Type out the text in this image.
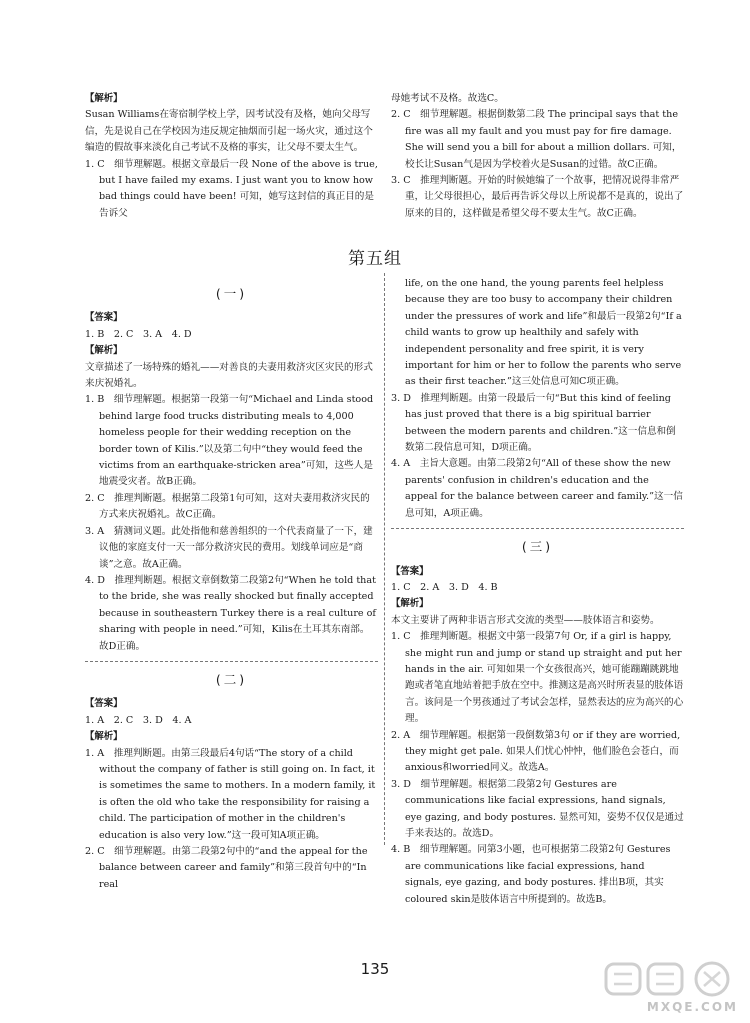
【解析】

Susan Williams在寄宿制学校上学，因考试没有及格，她向父母写信，先是说自己在学校因为违反规定抽烟而引起一场火灾，通过这个编造的假故事来淡化自己考试不及格的事实，让父母不要太生气。

1. C　细节理解题。根据文章最后一段 None of the above is true, but I have failed my exams. I just want you to know how bad things could have been! 可知，她写这封信的真正目的是告诉父

母她考试不及格。故选C。

2. C　细节理解题。根据倒数第二段 The principal says that the fire was all my fault and you must pay for fire damage. She will send you a bill for about a million dollars. 可知，校长让Susan气是因为学校着火是Susan的过错。故C正确。

3. C　推理判断题。开始的时候她编了一个故事，把情况说得非常严重，让父母很担心，最后再告诉父母以上所说都不是真的，说出了原来的目的，这样做是希望父母不要太生气。故C正确。

第五组
(一)

【答案】

1. B　2. C　3. A　4. D

【解析】

文章描述了一场特殊的婚礼——对善良的夫妻用救济灾区灾民的形式来庆祝婚礼。

1. B　细节理解题。根据第一段第一句“Michael and Linda stood behind large food trucks distributing meals to 4,000 homeless people for their wedding reception on the border town of Kilis.”以及第二句中“they would feed the victims from an earthquake-stricken area”可知，这些人是地震受灾者。故B正确。

2. C　推理判断题。根据第二段第1句可知，这对夫妻用救济灾民的方式来庆祝婚礼。故C正确。

3. A　猜测词义题。此处指他和慈善组织的一个代表商量了一下，建议他的家庭支付一天一部分救济灾民的费用。划线单词应是“商谈”之意。故A正确。

4. D　推理判断题。根据文章倒数第二段第2句“When he told that to the bride, she was really shocked but finally accepted because in southeastern Turkey there is a real culture of sharing with people in need.”可知，Kilis在土耳其东南部。故D正确。

(二)

【答案】

1. A　2. C　3. D　4. A

【解析】

1. A　推理判断题。由第三段最后4句话“The story of a child without the company of father is still going on. In fact, it is sometimes the same to mothers. In a modern family, it is often the old who take the responsibility for raising a child. The participation of mother in the children's education is also very low.”这一段可知A项正确。

2. C　细节理解题。由第二段第2句中的“and the appeal for the balance between career and family”和第三段首句中的“In real

life, on the one hand, the young parents feel helpless because they are too busy to accompany their children under the pressures of work and life”和最后一段第2句“If a child wants to grow up healthily and safely with independent personality and free spirit, it is very important for him or her to follow the parents who serve as their first teacher.”这三处信息可知C项正确。

3. D　推理判断题。由第一段最后一句“But this kind of feeling has just proved that there is a big spiritual barrier between the modern parents and children.”这一信息和倒数第二段信息可知，D项正确。

4. A　主旨大意题。由第二段第2句“All of these show the new parents' confusion in children's education and the appeal for the balance between career and family.”这一信息可知，A项正确。

(三)

【答案】

1. C　2. A　3. D　4. B

【解析】

本文主要讲了两种非语言形式交流的类型——肢体语言和姿势。

1. C　推理判断题。根据文中第一段第7句 Or, if a girl is happy, she might run and jump or stand up straight and put her hands in the air. 可知如果一个女孩很高兴，她可能蹦蹦跳跳地跑或者笔直地站着把手放在空中。推测这是高兴时所表显的肢体语言。该问是一个男孩通过了考试会怎样，显然表达的应为高兴的心理。

2. A　细节理解题。根据第一段倒数第3句 or if they are worried, they might get pale. 如果人们忧心忡忡，他们脸色会苍白，而anxious和worried同义。故选A。

3. D　细节理解题。根据第二段第2句 Gestures are communications like facial expressions, hand signals, eye gazing, and body postures. 显然可知，姿势不仅仅是通过手来表达的。故选D。

4. B　细节理解题。同第3小题，也可根据第二段第2句 Gestures are communications like facial expressions, hand signals, eye gazing, and body postures. 排出B项，其实coloured skin是肢体语言中所提到的。故选B。

135
MXQE.COM
